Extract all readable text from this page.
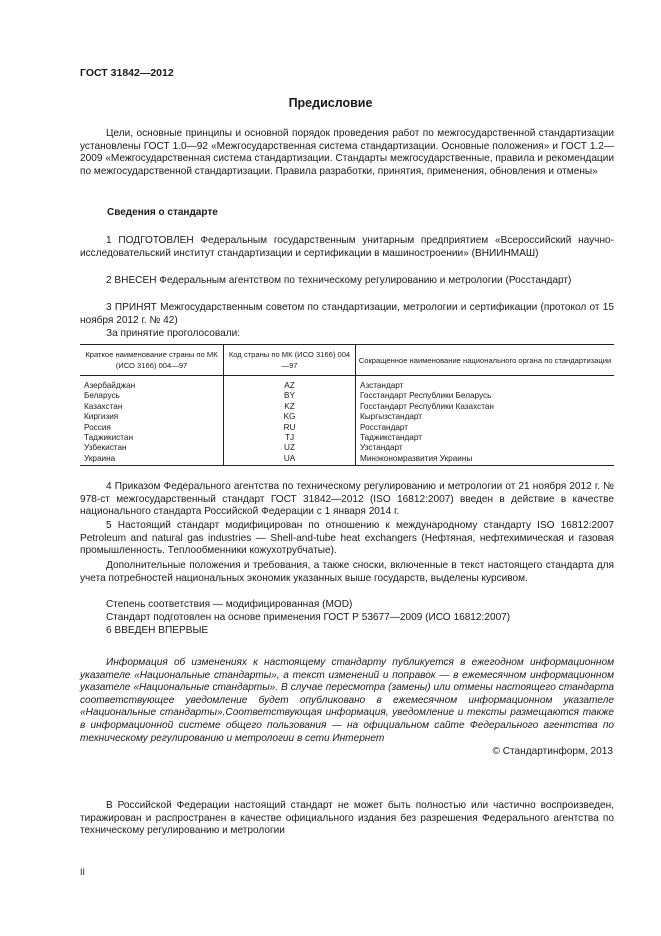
ГОСТ 31842—2012
Предисловие

Цели, основные принципы и основной порядок проведения работ по межгосударственной стандартизации установлены ГОСТ 1.0—92 «Межгосударственная система стандартизации. Основные положения» и ГОСТ 1.2—2009 «Межгосударственная система стандартизации. Стандарты межгосударственные, правила и рекомендации по межгосударственной стандартизации. Правила разработки, принятия, применения, обновления и отмены»

Сведения о стандарте

1 ПОДГОТОВЛЕН Федеральным государственным унитарным предприятием «Всероссийский научно-исследовательский институт стандартизации и сертификации в машиностроении» (ВНИИНМАШ)

2 ВНЕСЕН Федеральным агентством по техническому регулированию и метрологии (Росстандарт)

3 ПРИНЯТ Межгосударственным советом по стандартизации, метрологии и сертификации (протокол от 15 ноября 2012 г. № 42)

За принятие проголосовали:

Краткое наименование страны по МК (ИСО 3166) 004—97	Код страны по МК (ИСО 3166) 004—97	Сокращенное наименование национального органа по стандартизации
Азербайджан	AZ	Азстандарт
Беларусь	BY	Госстандарт Республики Беларусь
Казахстан	KZ	Госстандарт Республики Казахстан
Киргизия	KG	Кыргызстандарт
Россия	RU	Росстандарт
Таджикистан	TJ	Таджикстандарт
Узбекистан	UZ	Узстандарт
Украина	UA	Минэкономразвития Украины

4 Приказом Федерального агентства по техническому регулированию и метрологии от 21 ноября 2012 г. № 978-ст межгосударственный стандарт ГОСТ 31842—2012 (ISO 16812:2007) введен в действие в качестве национального стандарта Российской Федерации с 1 января 2014 г.

5 Настоящий стандарт модифицирован по отношению к международному стандарту ISO 16812:2007 Petroleum and natural gas industries — Shell-and-tube heat exchangers (Нефтяная, нефтехимическая и газовая промышленность. Теплообменники кожухотрубчатые).

Дополнительные положения и требования, а также сноски, включенные в текст настоящего стандарта для учета потребностей национальных экономик указанных выше государств, выделены курсивом.

Степень соответствия — модифицированная (MOD)

Стандарт подготовлен на основе применения ГОСТ Р 53677—2009 (ИСО 16812:2007)

6 ВВЕДЕН ВПЕРВЫЕ

Информация об изменениях к настоящему стандарту публикуется в ежегодном информационном указателе «Национальные стандарты», а текст изменений и поправок — в ежемесячном информационном указателе «Национальные стандарты». В случае пересмотра (замены) или отмены настоящего стандарта соответствующее уведомление будет опубликовано в ежемесячном информационном указателе «Национальные стандарты».Соответствующая информация, уведомление и тексты размещаются также в информационной системе общего пользования — на официальном сайте Федерального агентства по техническому регулированию и метрологии в сети Интернет

© Стандартинформ, 2013

В Российской Федерации настоящий стандарт не может быть полностью или частично воспроизведен, тиражирован и распространен в качестве официального издания без разрешения Федерального агентства по техническому регулированию и метрологии

II
